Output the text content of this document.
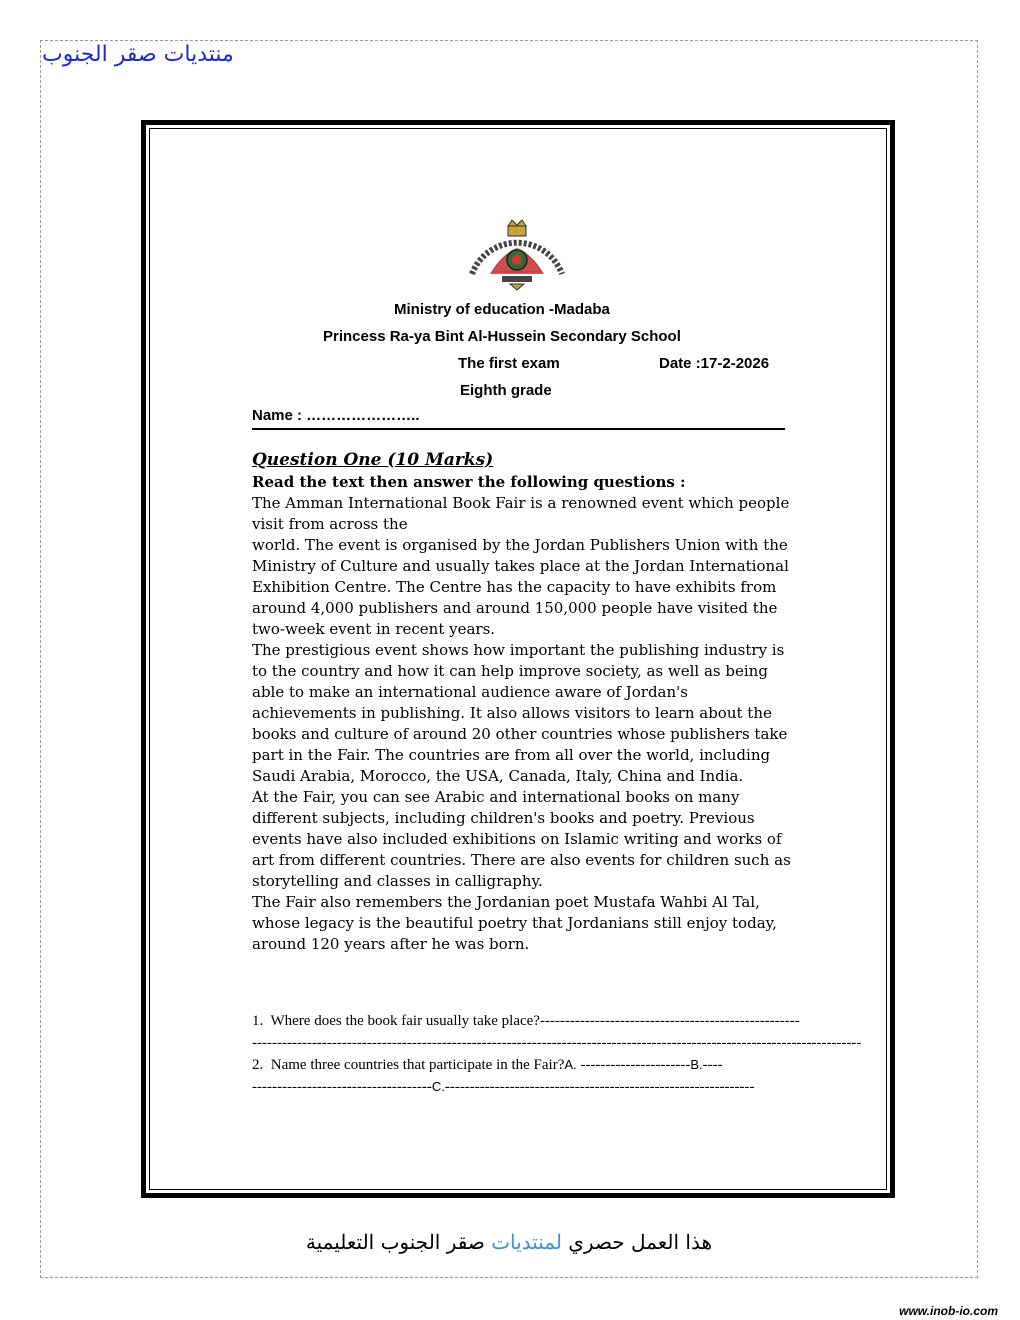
منتديات صقر الجنوب
Ministry of education -Madaba
Princess Ra-ya Bint Al-Hussein Secondary School
The first exam	Date :17-2-2026
Eighth grade
Name : …………………..
Question One (10 Marks)
Read the text then answer the following questions :

The Amman International Book Fair is a renowned event which people visit from across the

world. The event is organised by the Jordan Publishers Union with the Ministry of Culture and usually takes place at the Jordan International Exhibition Centre. The Centre has the capacity to have exhibits from around 4,000 publishers and around 150,000 people have visited the two-week event in recent years.

The prestigious event shows how important the publishing industry is to the country and how it can help improve society, as well as being able to make an international audience aware of Jordan's achievements in publishing. It also allows visitors to learn about the books and culture of around 20 other countries whose publishers take part in the Fair. The countries are from all over the world, including Saudi Arabia, Morocco, the USA, Canada, Italy, China and India.

At the Fair, you can see Arabic and international books on many different subjects, including children's books and poetry. Previous events have also included exhibitions on Islamic writing and works of art from different countries. There are also events for children such as storytelling and classes in calligraphy.

The Fair also remembers the Jordanian poet Mustafa Wahbi Al Tal, whose legacy is the beautiful poetry that Jordanians still enjoy today, around 120 years after he was born.

1. Where does the book fair usually take place?----------------------------------------------------
--------------------------------------------------------------------------------------------------------------------------
2. Name three countries that participate in the Fair?A. ----------------------B.----
------------------------------------C.--------------------------------------------------------------
هذا العمل حصري لمنتديات صقر الجنوب التعليمية
www.inob-io.com
